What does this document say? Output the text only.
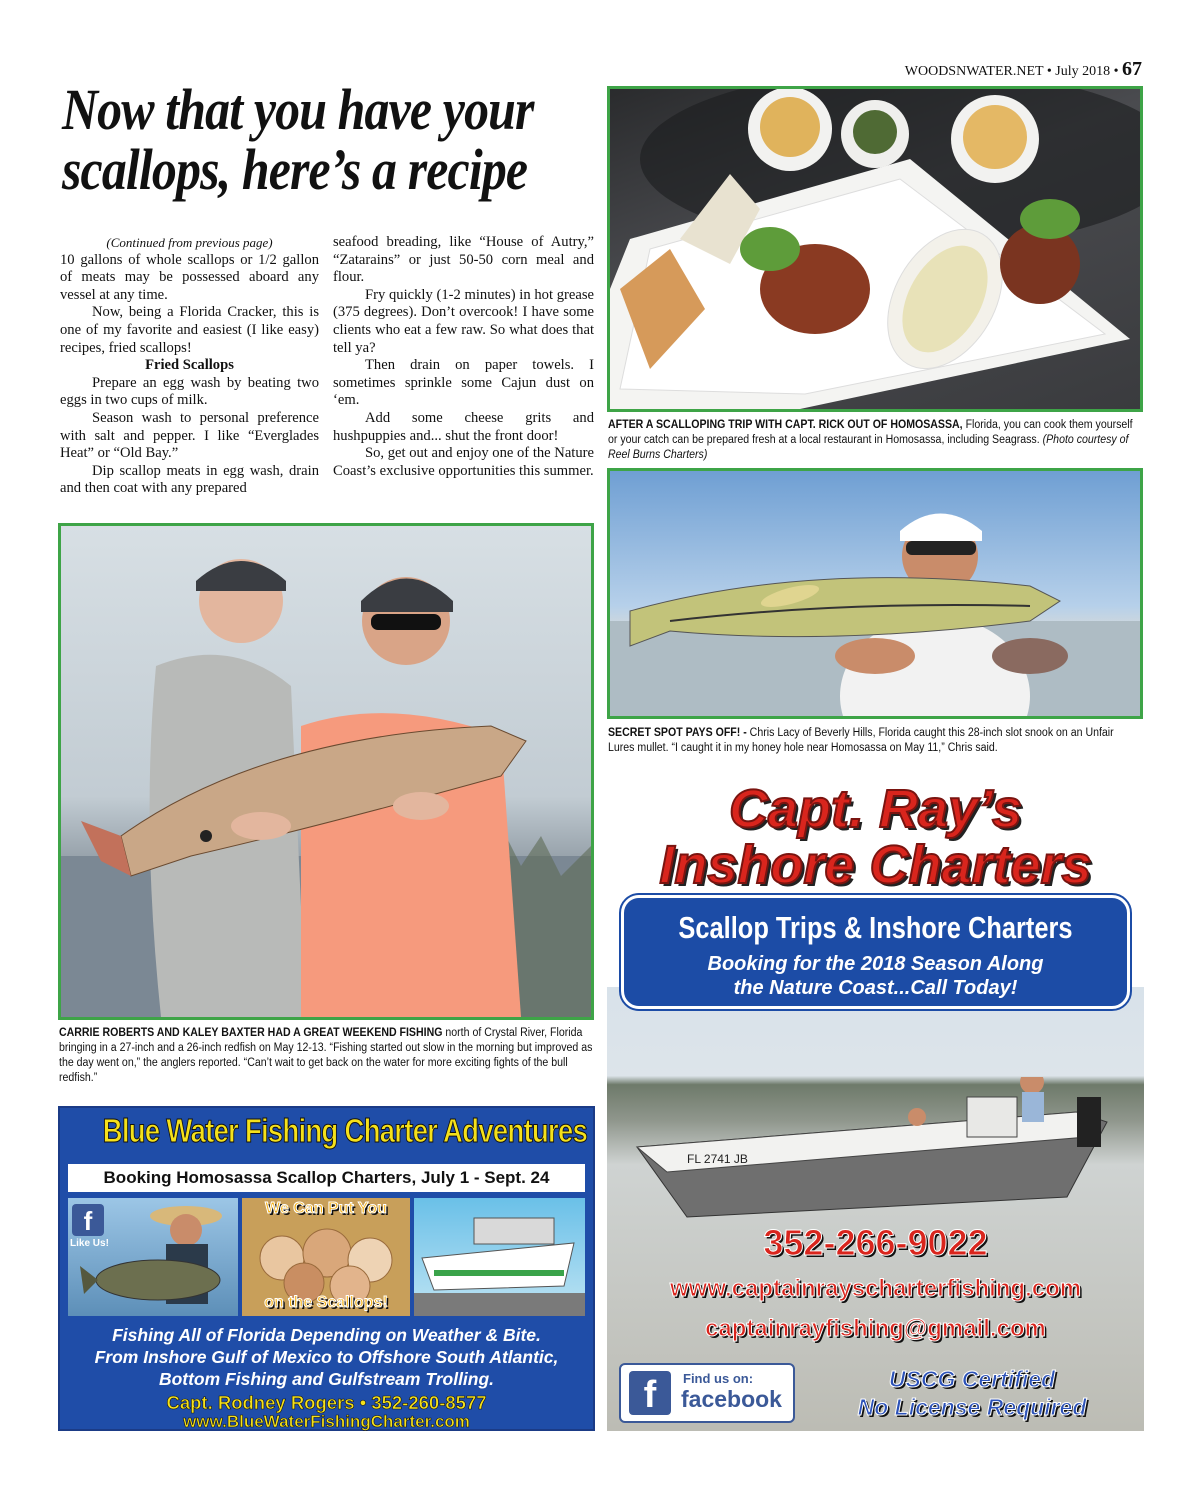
WOODSNWATER.NET • July 2018 • 67
Now that you have your
scallops, here’s a recipe

(Continued from previous page)

10 gallons of whole scallops or 1/2 gallon of meats may be possessed aboard any vessel at any time.

Now, being a Florida Cracker, this is one of my favorite and easiest (I like easy) recipes, fried scallops!

Fried Scallops

Prepare an egg wash by beating two eggs in two cups of milk.

Season wash to personal preference with salt and pepper. I like “Everglades Heat” or “Old Bay.”

Dip scallop meats in egg wash, drain and then coat with any prepared

seafood breading, like “House of Autry,” “Zatarains” or just 50-50 corn meal and flour.

Fry quickly (1-2 minutes) in hot grease (375 degrees). Don’t overcook! I have some clients who eat a few raw. So what does that tell ya?

Then drain on paper towels. I sometimes sprinkle some Cajun dust on ‘em.

Add some cheese grits and hushpuppies and... shut the front door!

So, get out and enjoy one of the Nature Coast’s exclusive opportunities this summer.

AFTER A SCALLOPING TRIP WITH CAPT. RICK OUT OF HOMOSASSA, Florida, you can cook them yourself or your catch can be prepared fresh at a local restaurant in Homosassa, including Seagrass. (Photo courtesy of Reel Burns Charters)
SECRET SPOT PAYS OFF! - Chris Lacy of Beverly Hills, Florida caught this 28-inch slot snook on an Unfair Lures mullet. “I caught it in my honey hole near Homosassa on May 11,” Chris said.
CARRIE ROBERTS AND KALEY BAXTER HAD A GREAT WEEKEND FISHING north of Crystal River, Florida bringing in a 27-inch and a 26-inch redfish on May 12-13. “Fishing started out slow in the morning but improved as the day went on,” the anglers reported. “Can’t wait to get back on the water for more exciting fights of the bull redfish.”
Blue Water Fishing Charter Adventures
Booking Homosassa Scallop Charters, July 1 - Sept. 24
f
Like Us!
We Can Put You
on the Scallops!
Fishing All of Florida Depending on Weather & Bite.
From Inshore Gulf of Mexico to Offshore South Atlantic,
Bottom Fishing and Gulfstream Trolling.
Capt. Rodney Rogers • 352-260-8577
www.BlueWaterFishingCharter.com
FL 2741 JB
Capt. Ray’s
Inshore Charters
Scallop Trips & Inshore Charters
Booking for the 2018 Season Along
the Nature Coast...Call Today!
352-266-9022
www.captainrayscharterfishing.com
captainrayfishing@gmail.com
f	Find us on:
facebook
USCG Certified
No License Required
